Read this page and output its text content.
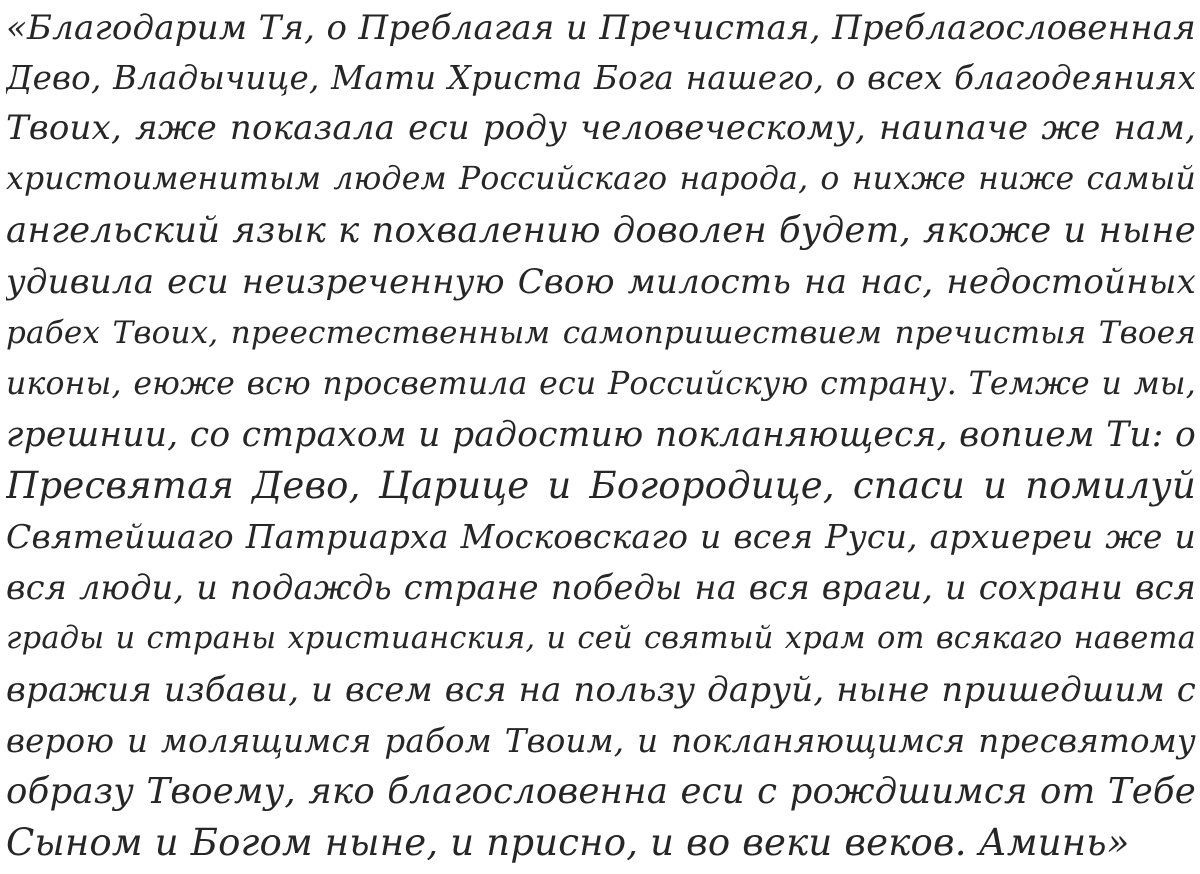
«Благодарим Тя, о Преблагая и Пречистая, Преблагословенная
Дево, Владычице, Мати Христа Бога нашего, о всех благодеяниях
Твоих, яже показала еси роду человеческому, наипаче же нам,
христоименитым людем Российскаго народа, о нихже ниже самый
ангельский язык к похвалению доволен будет, якоже и ныне
удивила еси неизреченную Свою милость на нас, недостойных
рабех Твоих, преестественным самопришествием пречистыя Твоея
иконы, еюже всю просветила еси Российскую страну. Темже и мы,
грешнии, со страхом и радостию покланяющеся, вопием Ти: о
Пресвятая Дево, Царице и Богородице, спаси и помилуй
Святейшаго Патриарха Московскаго и всея Руси, архиереи же и
вся люди, и подаждь стране победы на вся враги, и сохрани вся
грады и страны христианския, и сей святый храм от всякаго навета
вражия избави, и всем вся на пользу даруй, ныне пришедшим с
верою и молящимся рабом Твоим, и покланяющимся пресвятому
образу Твоему, яко благословенна еси с рождшимся от Тебе
Сыном и Богом ныне, и присно, и во веки веков. Аминь»
